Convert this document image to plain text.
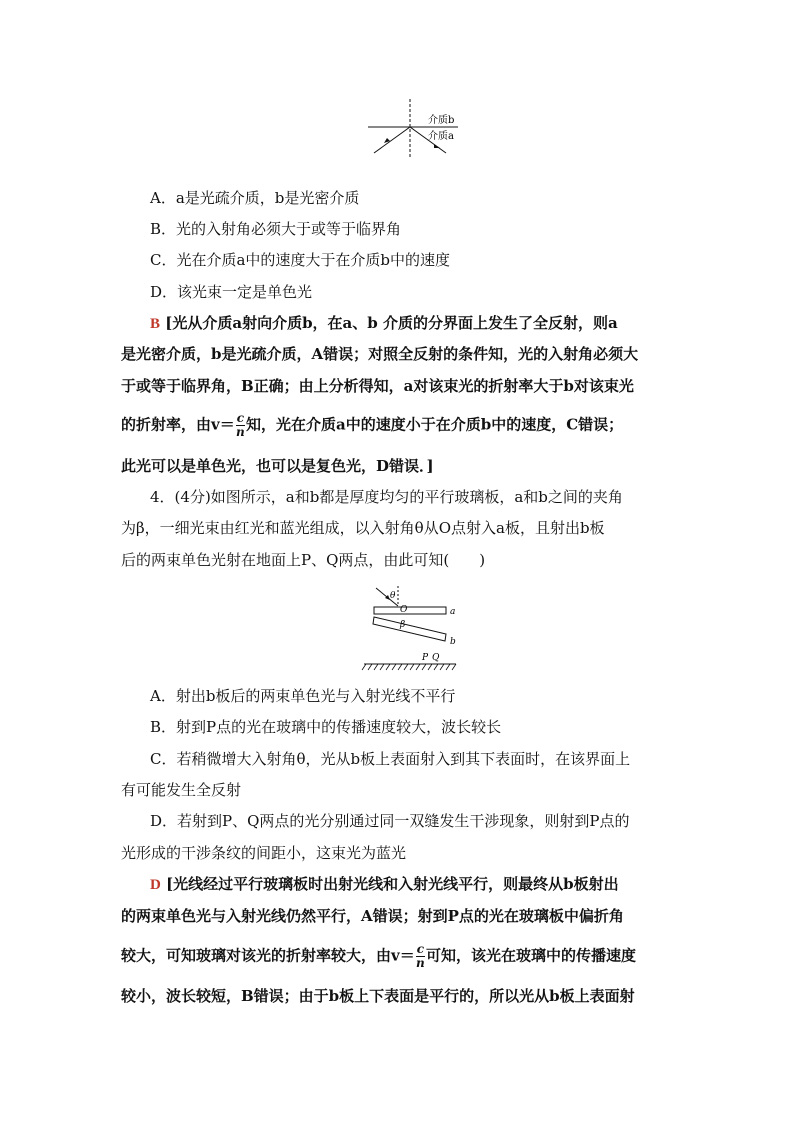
介质b
介质a
A．a是光疏介质，b是光密介质
B．光的入射角必须大于或等于临界角
C．光在介质a中的速度大于在介质b中的速度
D．该光束一定是单色光
B [光从介质a射向介质b，在a、b 介质的分界面上发生了全反射，则a
是光密介质，b是光疏介质，A错误；对照全反射的条件知，光的入射角必须大
于或等于临界角，B正确；由上分析得知，a对该束光的折射率大于b对该束光
的折射率，由$v= \frac{c}{n}$ 知，光在介质a中的速度小于在介质b中的速度，C错误；
此光可以是单色光，也可以是复色光，D错误．]
4．(4分)如图所示，a和b都是厚度均匀的平行玻璃板，a和b之间的夹角
为β，一细光束由红光和蓝光组成，以入射角θ从O点射入a板，且射出b板
后的两束单色光射在地面上P、Q两点，由此可知(　　)
θ
O	a
β
b
P Q
A．射出b板后的两束单色光与入射光线不平行
B．射到P点的光在玻璃中的传播速度较大，波长较长
C．若稍微增大入射角θ，光从b板上表面射入到其下表面时，在该界面上
有可能发生全反射
D．若射到P、Q两点的光分别通过同一双缝发生干涉现象，则射到P点的
光形成的干涉条纹的间距小，这束光为蓝光
D [光线经过平行玻璃板时出射光线和入射光线平行，则最终从b板射出
的两束单色光与入射光线仍然平行，A错误；射到P点的光在玻璃板中偏折角
较大，可知玻璃对该光的折射率较大，由$v= \frac{c}{n}$ 可知，该光在玻璃中的传播速度
较小，波长较短，B错误；由于b板上下表面是平行的，所以光从b板上表面射
